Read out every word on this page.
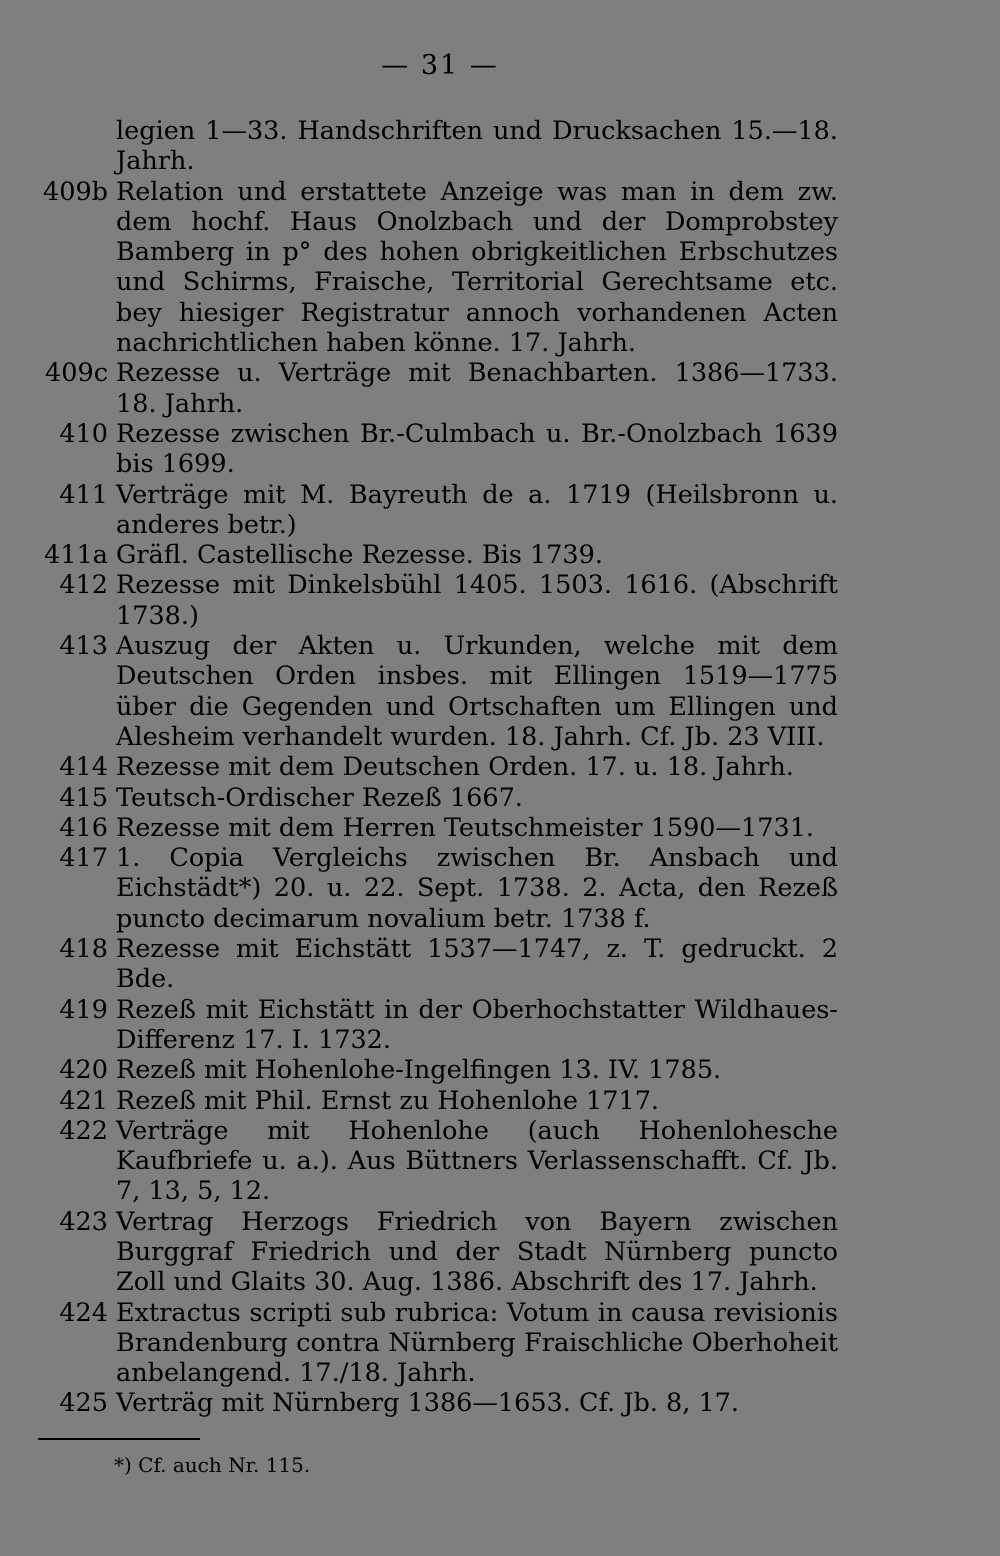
— 31 —
legien 1—33. Handschriften und Drucksachen 15.—18. Jahrh.
409b Relation und erstattete Anzeige was man in dem zw. dem hochf. Haus Onolzbach und der Domprobstey Bamberg in p° des hohen obrigkeitlichen Erbschutzes und Schirms, Fraische, Territorial Gerechtsame etc. bey hiesiger Registratur annoch vorhandenen Acten nachrichtlichen haben könne. 17. Jahrh.
409c Rezesse u. Verträge mit Benachbarten. 1386—1733. 18. Jahrh.
410 Rezesse zwischen Br.-Culmbach u. Br.-Onolzbach 1639 bis 1699.
411 Verträge mit M. Bayreuth de a. 1719 (Heilsbronn u. anderes betr.)
411a Gräfl. Castellische Rezesse. Bis 1739.
412 Rezesse mit Dinkelsbühl 1405. 1503. 1616. (Abschrift 1738.)
413 Auszug der Akten u. Urkunden, welche mit dem Deutschen Orden insbes. mit Ellingen 1519—1775 über die Gegenden und Ortschaften um Ellingen und Alesheim verhandelt wurden. 18. Jahrh. Cf. Jb. 23 VIII.
414 Rezesse mit dem Deutschen Orden. 17. u. 18. Jahrh.
415 Teutsch-Ordischer Rezeß 1667.
416 Rezesse mit dem Herren Teutschmeister 1590—1731.
417 1. Copia Vergleichs zwischen Br. Ansbach und Eichstädt*) 20. u. 22. Sept. 1738. 2. Acta, den Rezeß puncto decimarum novalium betr. 1738 f.
418 Rezesse mit Eichstätt 1537—1747, z. T. gedruckt. 2 Bde.
419 Rezeß mit Eichstätt in der Oberhochstatter Wildhaues-Differenz 17. I. 1732.
420 Rezeß mit Hohenlohe-Ingelfingen 13. IV. 1785.
421 Rezeß mit Phil. Ernst zu Hohenlohe 1717.
422 Verträge mit Hohenlohe (auch Hohenlohesche Kaufbriefe u. a.). Aus Büttners Verlassenschafft. Cf. Jb. 7, 13, 5, 12.
423 Vertrag Herzogs Friedrich von Bayern zwischen Burggraf Friedrich und der Stadt Nürnberg puncto Zoll und Glaits 30. Aug. 1386. Abschrift des 17. Jahrh.
424 Extractus scripti sub rubrica: Votum in causa revisionis Brandenburg contra Nürnberg Fraischliche Oberhoheit anbelangend. 17./18. Jahrh.
425 Verträg mit Nürnberg 1386—1653. Cf. Jb. 8, 17.
*) Cf. auch Nr. 115.
